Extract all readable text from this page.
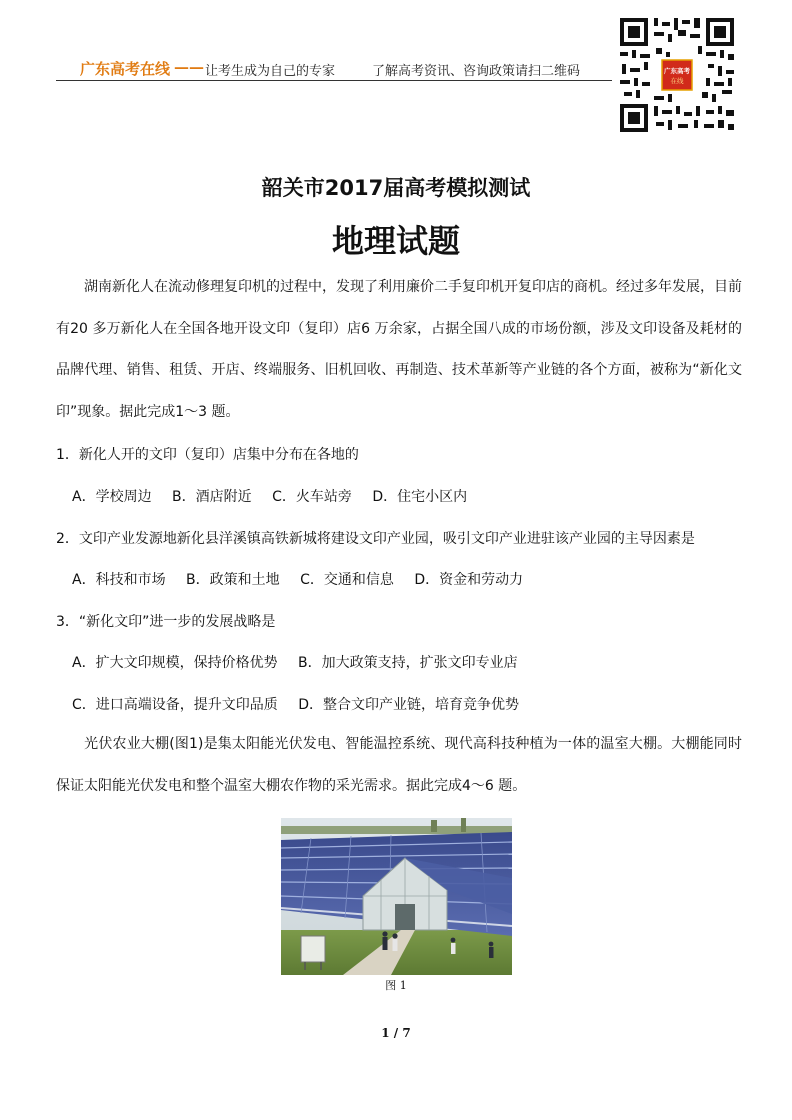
广东高考在线 —— 让考生成为自己的专家	了解高考资讯、咨询政策请扫二维码	广东高考
在线
韶关市2017届高考模拟测试
地理试题

湖南新化人在流动修理复印机的过程中，发现了利用廉价二手复印机开复印店的商机。经过多年发展，目前有20 多万新化人在全国各地开设文印（复印）店6 万余家，占据全国八成的市场份额，涉及文印设备及耗材的品牌代理、销售、租赁、开店、终端服务、旧机回收、再制造、技术革新等产业链的各个方面，被称为“新化文印”现象。据此完成1～3 题。

1．新化人开的文印（复印）店集中分布在各地的
A．学校周边 B．酒店附近 C．火车站旁 D．住宅小区内
2．文印产业发源地新化县洋溪镇高铁新城将建设文印产业园，吸引文印产业进驻该产业园的主导因素是
A．科技和市场 B．政策和土地 C．交通和信息 D．资金和劳动力
3．“新化文印”进一步的发展战略是
A．扩大文印规模，保持价格优势 B．加大政策支持，扩张文印专业店
C．进口高端设备，提升文印品质 D．整合文印产业链，培育竞争优势

光伏农业大棚(图1)是集太阳能光伏发电、智能温控系统、现代高科技种植为一体的温室大棚。大棚能同时保证太阳能光伏发电和整个温室大棚农作物的采光需求。据此完成4～6 题。

图 1
1 / 7
